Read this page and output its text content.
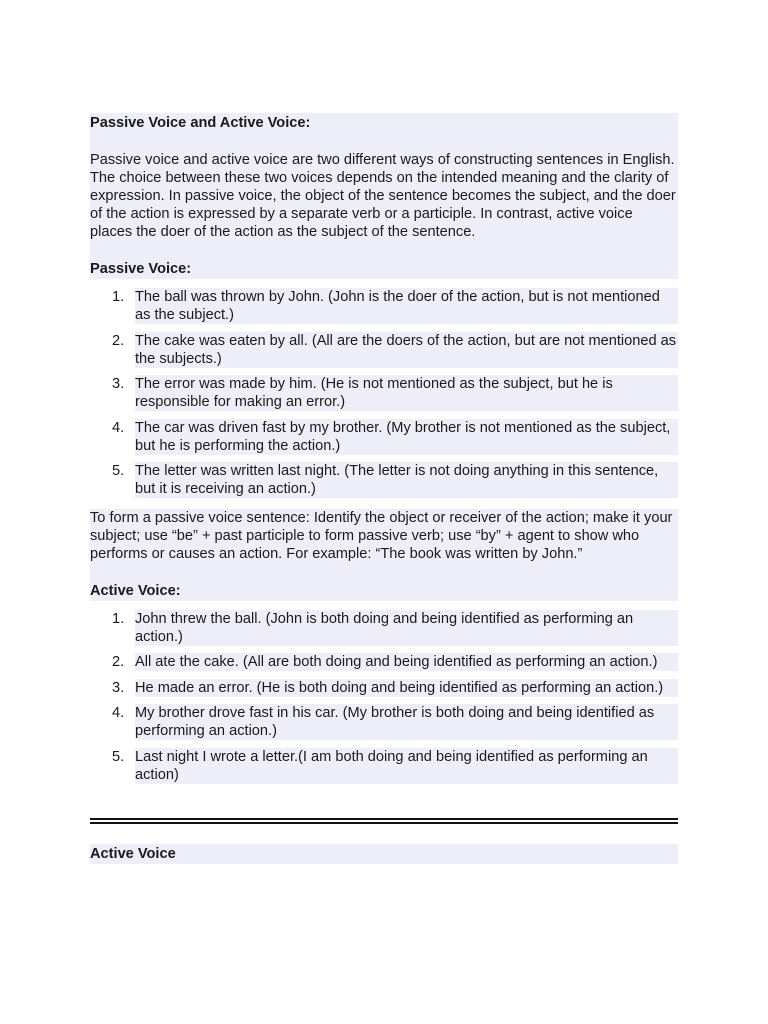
Passive Voice and Active Voice:

Passive voice and active voice are two different ways of constructing sentences in English. The choice between these two voices depends on the intended meaning and the clarity of expression. In passive voice, the object of the sentence becomes the subject, and the doer of the action is expressed by a separate verb or a participle. In contrast, active voice places the doer of the action as the subject of the sentence.

Passive Voice:

1. The ball was thrown by John. (John is the doer of the action, but is not mentioned as the subject.)
2. The cake was eaten by all. (All are the doers of the action, but are not mentioned as the subjects.)
3. The error was made by him. (He is not mentioned as the subject, but he is responsible for making an error.)
4. The car was driven fast by my brother. (My brother is not mentioned as the subject, but he is performing the action.)
5. The letter was written last night. (The letter is not doing anything in this sentence, but it is receiving an action.)

To form a passive voice sentence: Identify the object or receiver of the action; make it your subject; use “be” + past participle to form passive verb; use “by” + agent to show who performs or causes an action. For example: “The book was written by John.”

Active Voice:

1. John threw the ball. (John is both doing and being identified as performing an action.)
2. All ate the cake. (All are both doing and being identified as performing an action.)
3. He made an error. (He is both doing and being identified as performing an action.)
4. My brother drove fast in his car. (My brother is both doing and being identified as performing an action.)
5. Last night I wrote a letter.(I am both doing and being identified as performing an action)

Active Voice
